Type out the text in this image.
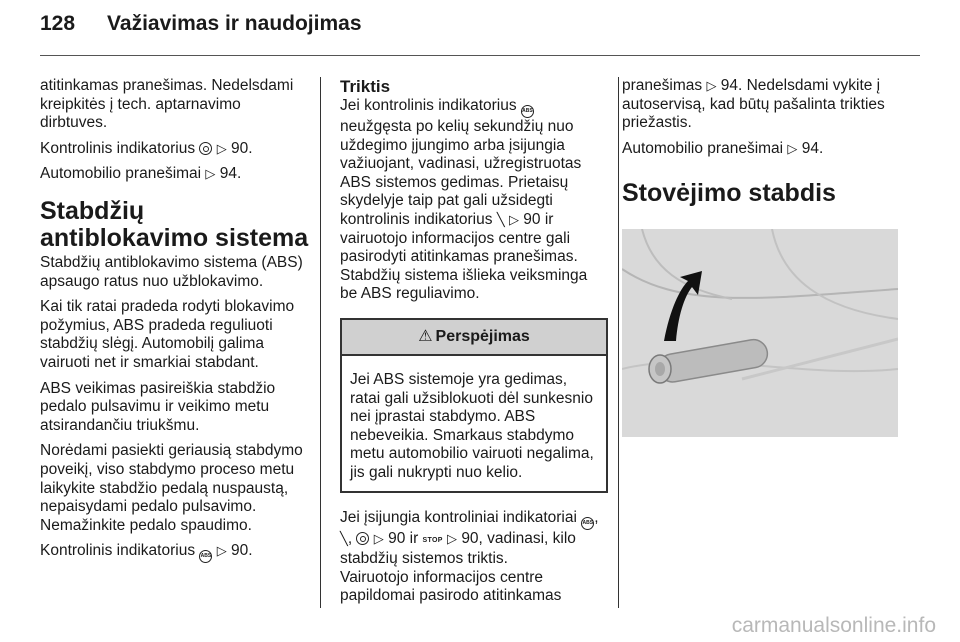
128 Važiavimas ir naudojimas

atitinkamas pranešimas. Nedelsdami kreipkitės į tech. aptarnavimo dirbtuves.

Kontrolinis indikatorius ▷ 90.

Automobilio pranešimai ▷ 94.

Stabdžių antiblokavimo sistema

Stabdžių antiblokavimo sistema (ABS) apsaugo ratus nuo užblokavimo.

Kai tik ratai pradeda rodyti blokavimo požymius, ABS pradeda reguliuoti stabdžių slėgį. Automobilį galima vairuoti net ir smarkiai stabdant.

ABS veikimas pasireiškia stabdžio pedalo pulsavimu ir veikimo metu atsirandančiu triukšmu.

Norėdami pasiekti geriausią stabdymo poveikį, viso stabdymo proceso metu laikykite stabdžio pedalą nuspaustą, nepaisydami pedalo pulsavimo. Nemažinkite pedalo spaudimo.

Kontrolinis indikatorius ABS ▷ 90.

Triktis

Jei kontrolinis indikatorius ABS neužgęsta po kelių sekundžių nuo uždegimo įjungimo arba įsijungia važiuojant, vadinasi, užregistruotas ABS sistemos gedimas. Prietaisų skydelyje taip pat gali užsidegti kontrolinis indikatorius ╲ ▷ 90 ir vairuotojo informacijos centre gali pasirodyti atitinkamas pranešimas. Stabdžių sistema išlieka veiksminga be ABS reguliavimo.

⚠ Perspėjimas
Jei ABS sistemoje yra gedimas, ratai gali užsiblokuoti dėl sunkesnio nei įprastai stabdymo. ABS nebeveikia. Smarkaus stabdymo metu automobilio vairuoti negalima, jis gali nukrypti nuo kelio.

Jei įsijungia kontroliniai indikatoriai ABS, ╲,  ▷ 90 ir STOP ▷ 90, vadinasi, kilo stabdžių sistemos triktis.
Vairuotojo informacijos centre papildomai pasirodo atitinkamas

pranešimas ▷ 94. Nedelsdami vykite į autoservisą, kad būtų pašalinta trikties priežastis.

Automobilio pranešimai ▷ 94.

Stovėjimo stabdis
carmanualsonline.info
